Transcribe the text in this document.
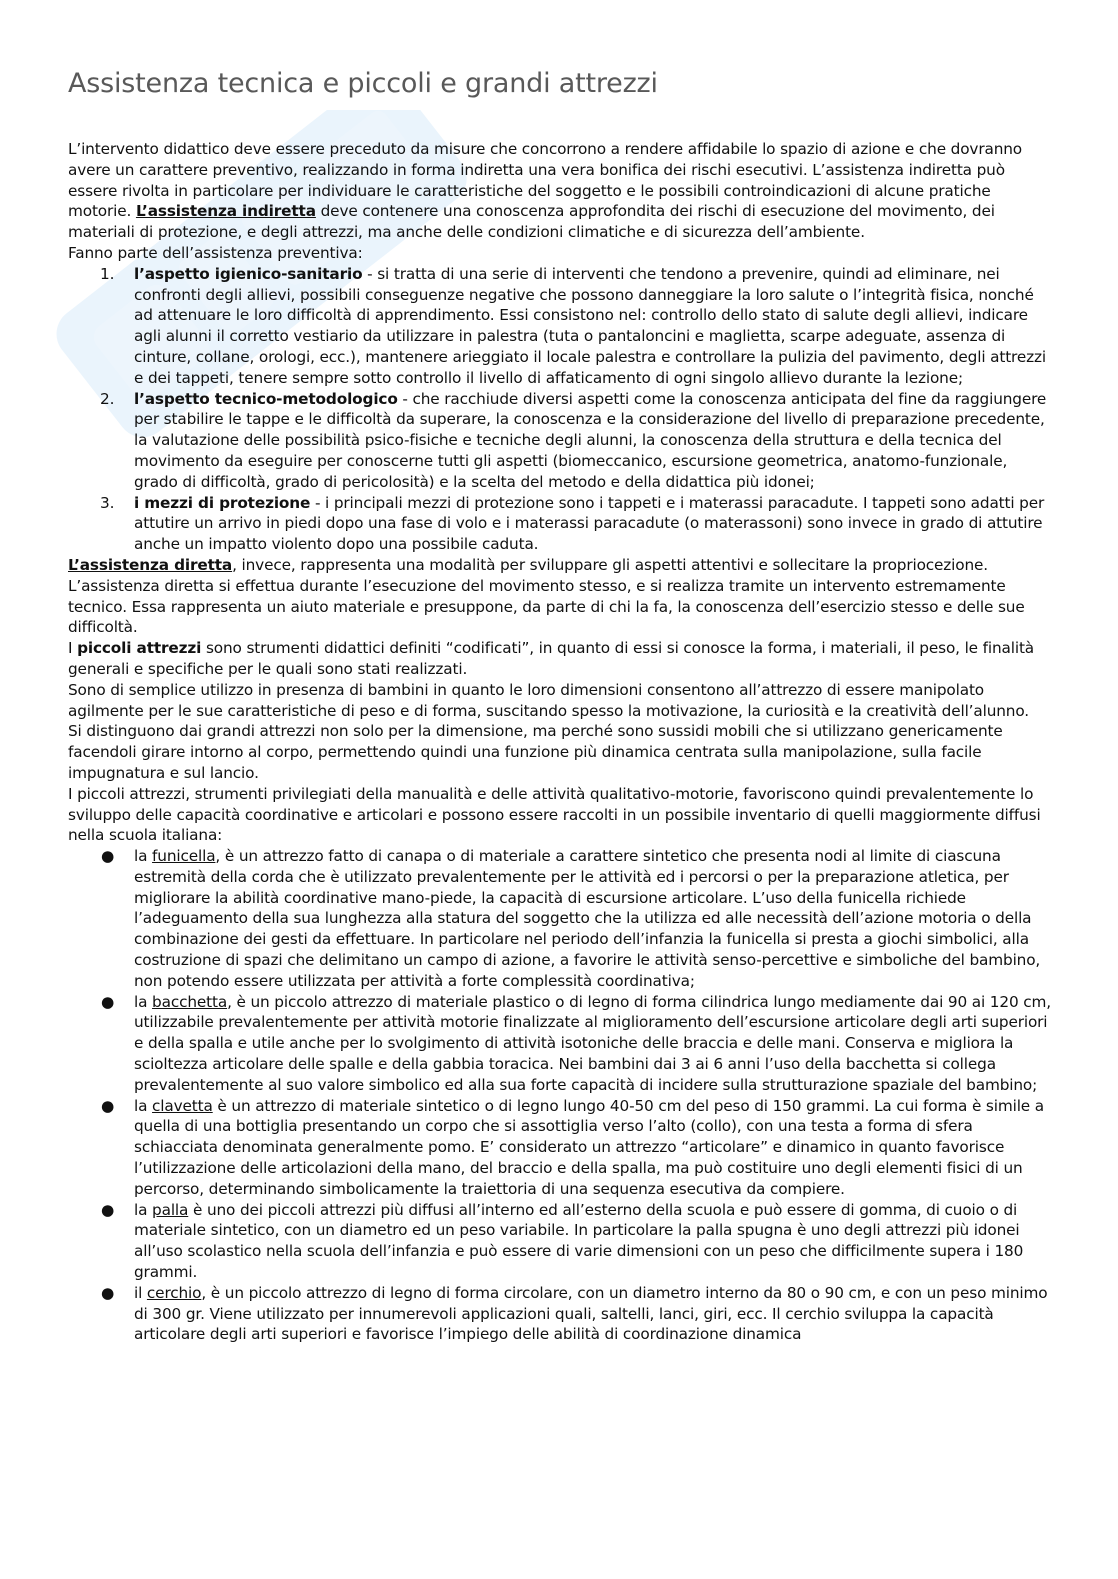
Assistenza tecnica e piccoli e grandi attrezzi

L’intervento didattico deve essere preceduto da misure che concorrono a rendere affidabile lo spazio di azione e che dovranno avere un carattere preventivo, realizzando in forma indiretta una vera bonifica dei rischi esecutivi. L’assistenza indiretta può essere rivolta in particolare per individuare le caratteristiche del soggetto e le possibili controindicazioni di alcune pratiche motorie. L’assistenza indiretta deve contenere una conoscenza approfondita dei rischi di esecuzione del movimento, dei materiali di protezione, e degli attrezzi, ma anche delle condizioni climatiche e di sicurezza dell’ambiente.

Fanno parte dell’assistenza preventiva:

1. l’aspetto igienico-sanitario - si tratta di una serie di interventi che tendono a prevenire, quindi ad eliminare, nei confronti degli allievi, possibili conseguenze negative che possono danneggiare la loro salute o l’integrità fisica, nonché ad attenuare le loro difficoltà di apprendimento. Essi consistono nel: controllo dello stato di salute degli allievi, indicare agli alunni il corretto vestiario da utilizzare in palestra (tuta o pantaloncini e maglietta, scarpe adeguate, assenza di cinture, collane, orologi, ecc.), mantenere arieggiato il locale palestra e controllare la pulizia del pavimento, degli attrezzi e dei tappeti, tenere sempre sotto controllo il livello di affaticamento di ogni singolo allievo durante la lezione;
2. l’aspetto tecnico-metodologico - che racchiude diversi aspetti come la conoscenza anticipata del fine da raggiungere per stabilire le tappe e le difficoltà da superare, la conoscenza e la considerazione del livello di preparazione precedente, la valutazione delle possibilità psico-fisiche e tecniche degli alunni, la conoscenza della struttura e della tecnica del movimento da eseguire per conoscerne tutti gli aspetti (biomeccanico, escursione geometrica, anatomo-funzionale, grado di difficoltà, grado di pericolosità) e la scelta del metodo e della didattica più idonei;
3. i mezzi di protezione - i principali mezzi di protezione sono i tappeti e i materassi paracadute. I tappeti sono adatti per attutire un arrivo in piedi dopo una fase di volo e i materassi paracadute (o materassoni) sono invece in grado di attutire anche un impatto violento dopo una possibile caduta.

L’assistenza diretta, invece, rappresenta una modalità per sviluppare gli aspetti attentivi e sollecitare la propriocezione. L’assistenza diretta si effettua durante l’esecuzione del movimento stesso, e si realizza tramite un intervento estremamente tecnico. Essa rappresenta un aiuto materiale e presuppone, da parte di chi la fa, la conoscenza dell’esercizio stesso e delle sue difficoltà.

I piccoli attrezzi sono strumenti didattici definiti “codificati”, in quanto di essi si conosce la forma, i materiali, il peso, le finalità generali e specifiche per le quali sono stati realizzati.

Sono di semplice utilizzo in presenza di bambini in quanto le loro dimensioni consentono all’attrezzo di essere manipolato agilmente per le sue caratteristiche di peso e di forma, suscitando spesso la motivazione, la curiosità e la creatività dell’alunno.

Si distinguono dai grandi attrezzi non solo per la dimensione, ma perché sono sussidi mobili che si utilizzano genericamente facendoli girare intorno al corpo, permettendo quindi una funzione più dinamica centrata sulla manipolazione, sulla facile impugnatura e sul lancio.

I piccoli attrezzi, strumenti privilegiati della manualità e delle attività qualitativo-motorie, favoriscono quindi prevalentemente lo sviluppo delle capacità coordinative e articolari e possono essere raccolti in un possibile inventario di quelli maggiormente diffusi nella scuola italiana:

● la funicella, è un attrezzo fatto di canapa o di materiale a carattere sintetico che presenta nodi al limite di ciascuna estremità della corda che è utilizzato prevalentemente per le attività ed i percorsi o per la preparazione atletica, per migliorare la abilità coordinative mano-piede, la capacità di escursione articolare. L’uso della funicella richiede l’adeguamento della sua lunghezza alla statura del soggetto che la utilizza ed alle necessità dell’azione motoria o della combinazione dei gesti da effettuare. In particolare nel periodo dell’infanzia la funicella si presta a giochi simbolici, alla costruzione di spazi che delimitano un campo di azione, a favorire le attività senso-percettive e simboliche del bambino, non potendo essere utilizzata per attività a forte complessità coordinativa;
● la bacchetta, è un piccolo attrezzo di materiale plastico o di legno di forma cilindrica lungo mediamente dai 90 ai 120 cm, utilizzabile prevalentemente per attività motorie finalizzate al miglioramento dell’escursione articolare degli arti superiori e della spalla e utile anche per lo svolgimento di attività isotoniche delle braccia e delle mani. Conserva e migliora la scioltezza articolare delle spalle e della gabbia toracica. Nei bambini dai 3 ai 6 anni l’uso della bacchetta si collega prevalentemente al suo valore simbolico ed alla sua forte capacità di incidere sulla strutturazione spaziale del bambino;
● la clavetta è un attrezzo di materiale sintetico o di legno lungo 40-50 cm del peso di 150 grammi. La cui forma è simile a quella di una bottiglia presentando un corpo che si assottiglia verso l’alto (collo), con una testa a forma di sfera schiacciata denominata generalmente pomo. E’ considerato un attrezzo “articolare” e dinamico in quanto favorisce l’utilizzazione delle articolazioni della mano, del braccio e della spalla, ma può costituire uno degli elementi fisici di un percorso, determinando simbolicamente la traiettoria di una sequenza esecutiva da compiere.
● la palla è uno dei piccoli attrezzi più diffusi all’interno ed all’esterno della scuola e può essere di gomma, di cuoio o di materiale sintetico, con un diametro ed un peso variabile. In particolare la palla spugna è uno degli attrezzi più idonei all’uso scolastico nella scuola dell’infanzia e può essere di varie dimensioni con un peso che difficilmente supera i 180 grammi.
● il cerchio, è un piccolo attrezzo di legno di forma circolare, con un diametro interno da 80 o 90 cm, e con un peso minimo di 300 gr. Viene utilizzato per innumerevoli applicazioni quali, saltelli, lanci, giri, ecc. Il cerchio sviluppa la capacità articolare degli arti superiori e favorisce l’impiego delle abilità di coordinazione dinamica
